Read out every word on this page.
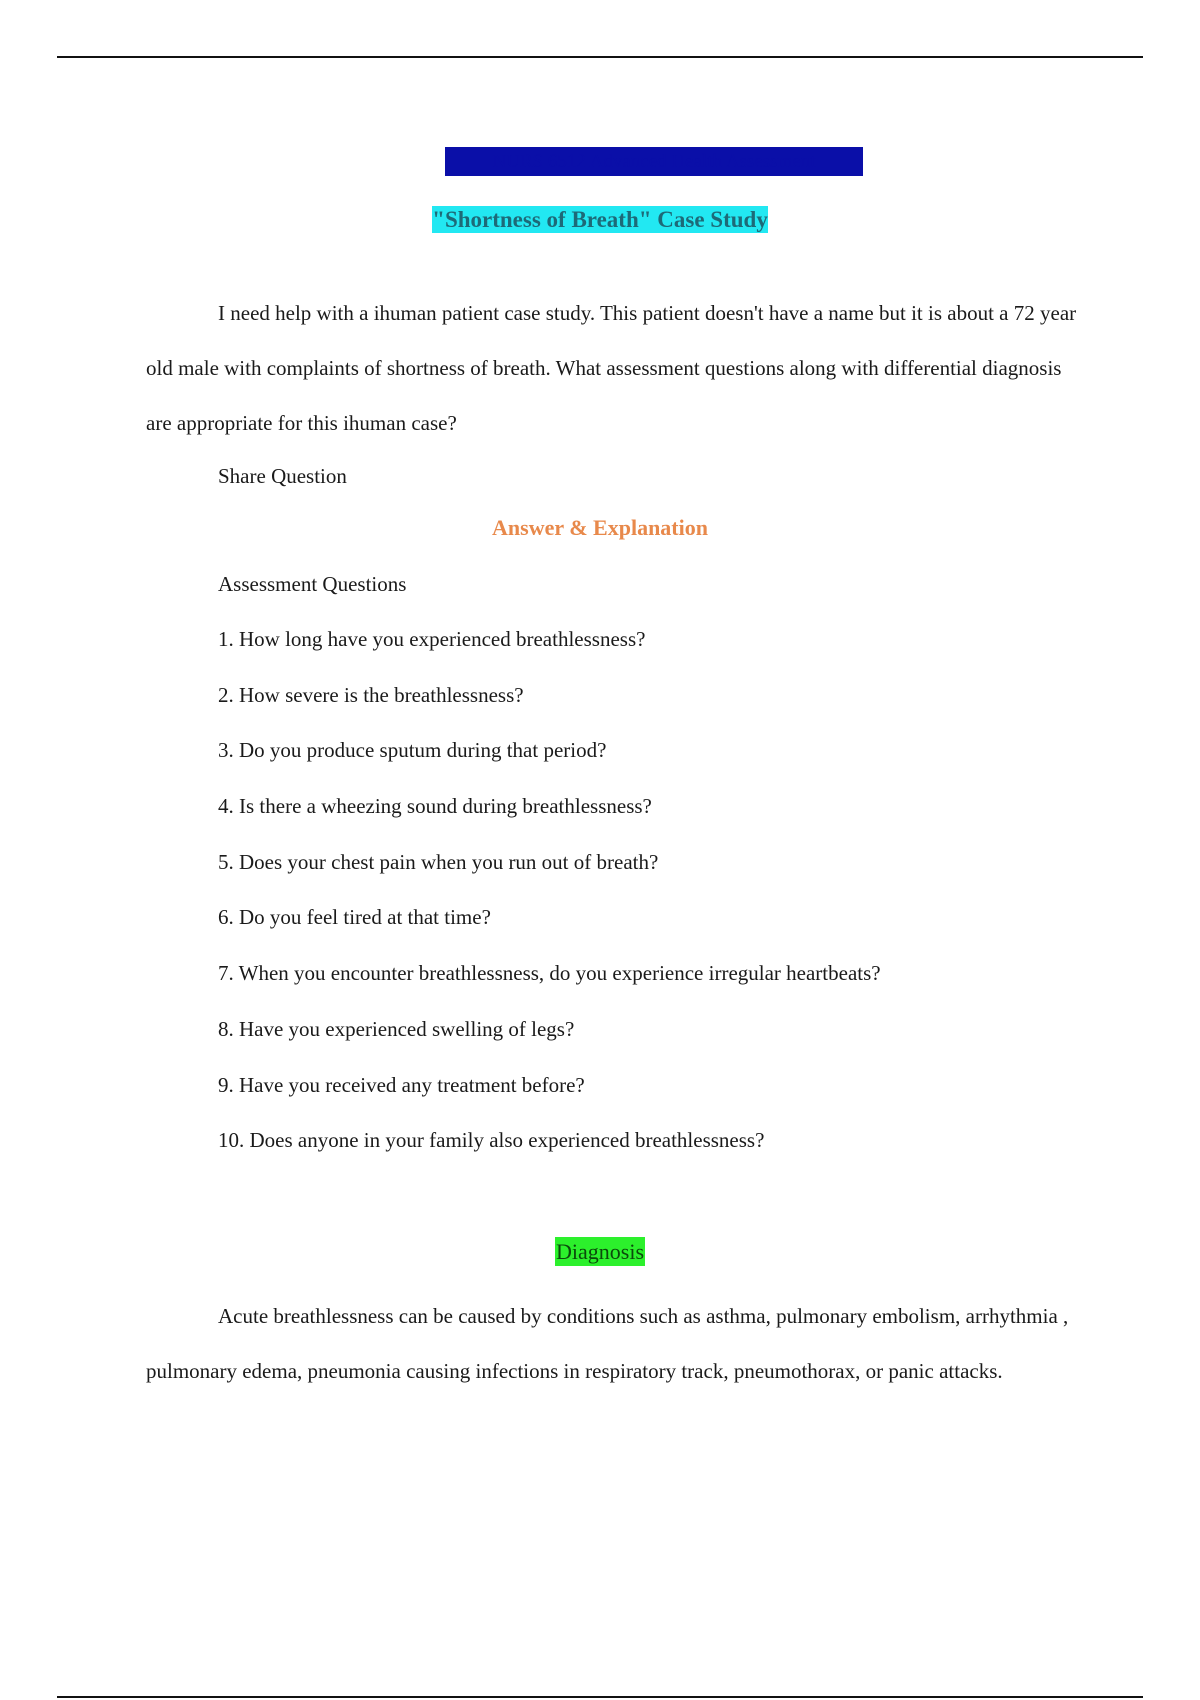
NURS 6512 Advanced Health Assessment
"Shortness of Breath" Case Study

I need help with a ihuman patient case study. This patient doesn't have a name but it is about a 72 year old male with complaints of shortness of breath. What assessment questions along with differential diagnosis are appropriate for this ihuman case?

Share Question
Answer & Explanation
Assessment Questions
1. How long have you experienced breathlessness?
2. How severe is the breathlessness?
3. Do you produce sputum during that period?
4. Is there a wheezing sound during breathlessness?
5. Does your chest pain when you run out of breath?
6. Do you feel tired at that time?
7. When you encounter breathlessness, do you experience irregular heartbeats?
8. Have you experienced swelling of legs?
9. Have you received any treatment before?
10. Does anyone in your family also experienced breathlessness?
Diagnosis

Acute breathlessness can be caused by conditions such as asthma, pulmonary embolism, arrhythmia , pulmonary edema, pneumonia causing infections in respiratory track, pneumothorax, or panic attacks.
